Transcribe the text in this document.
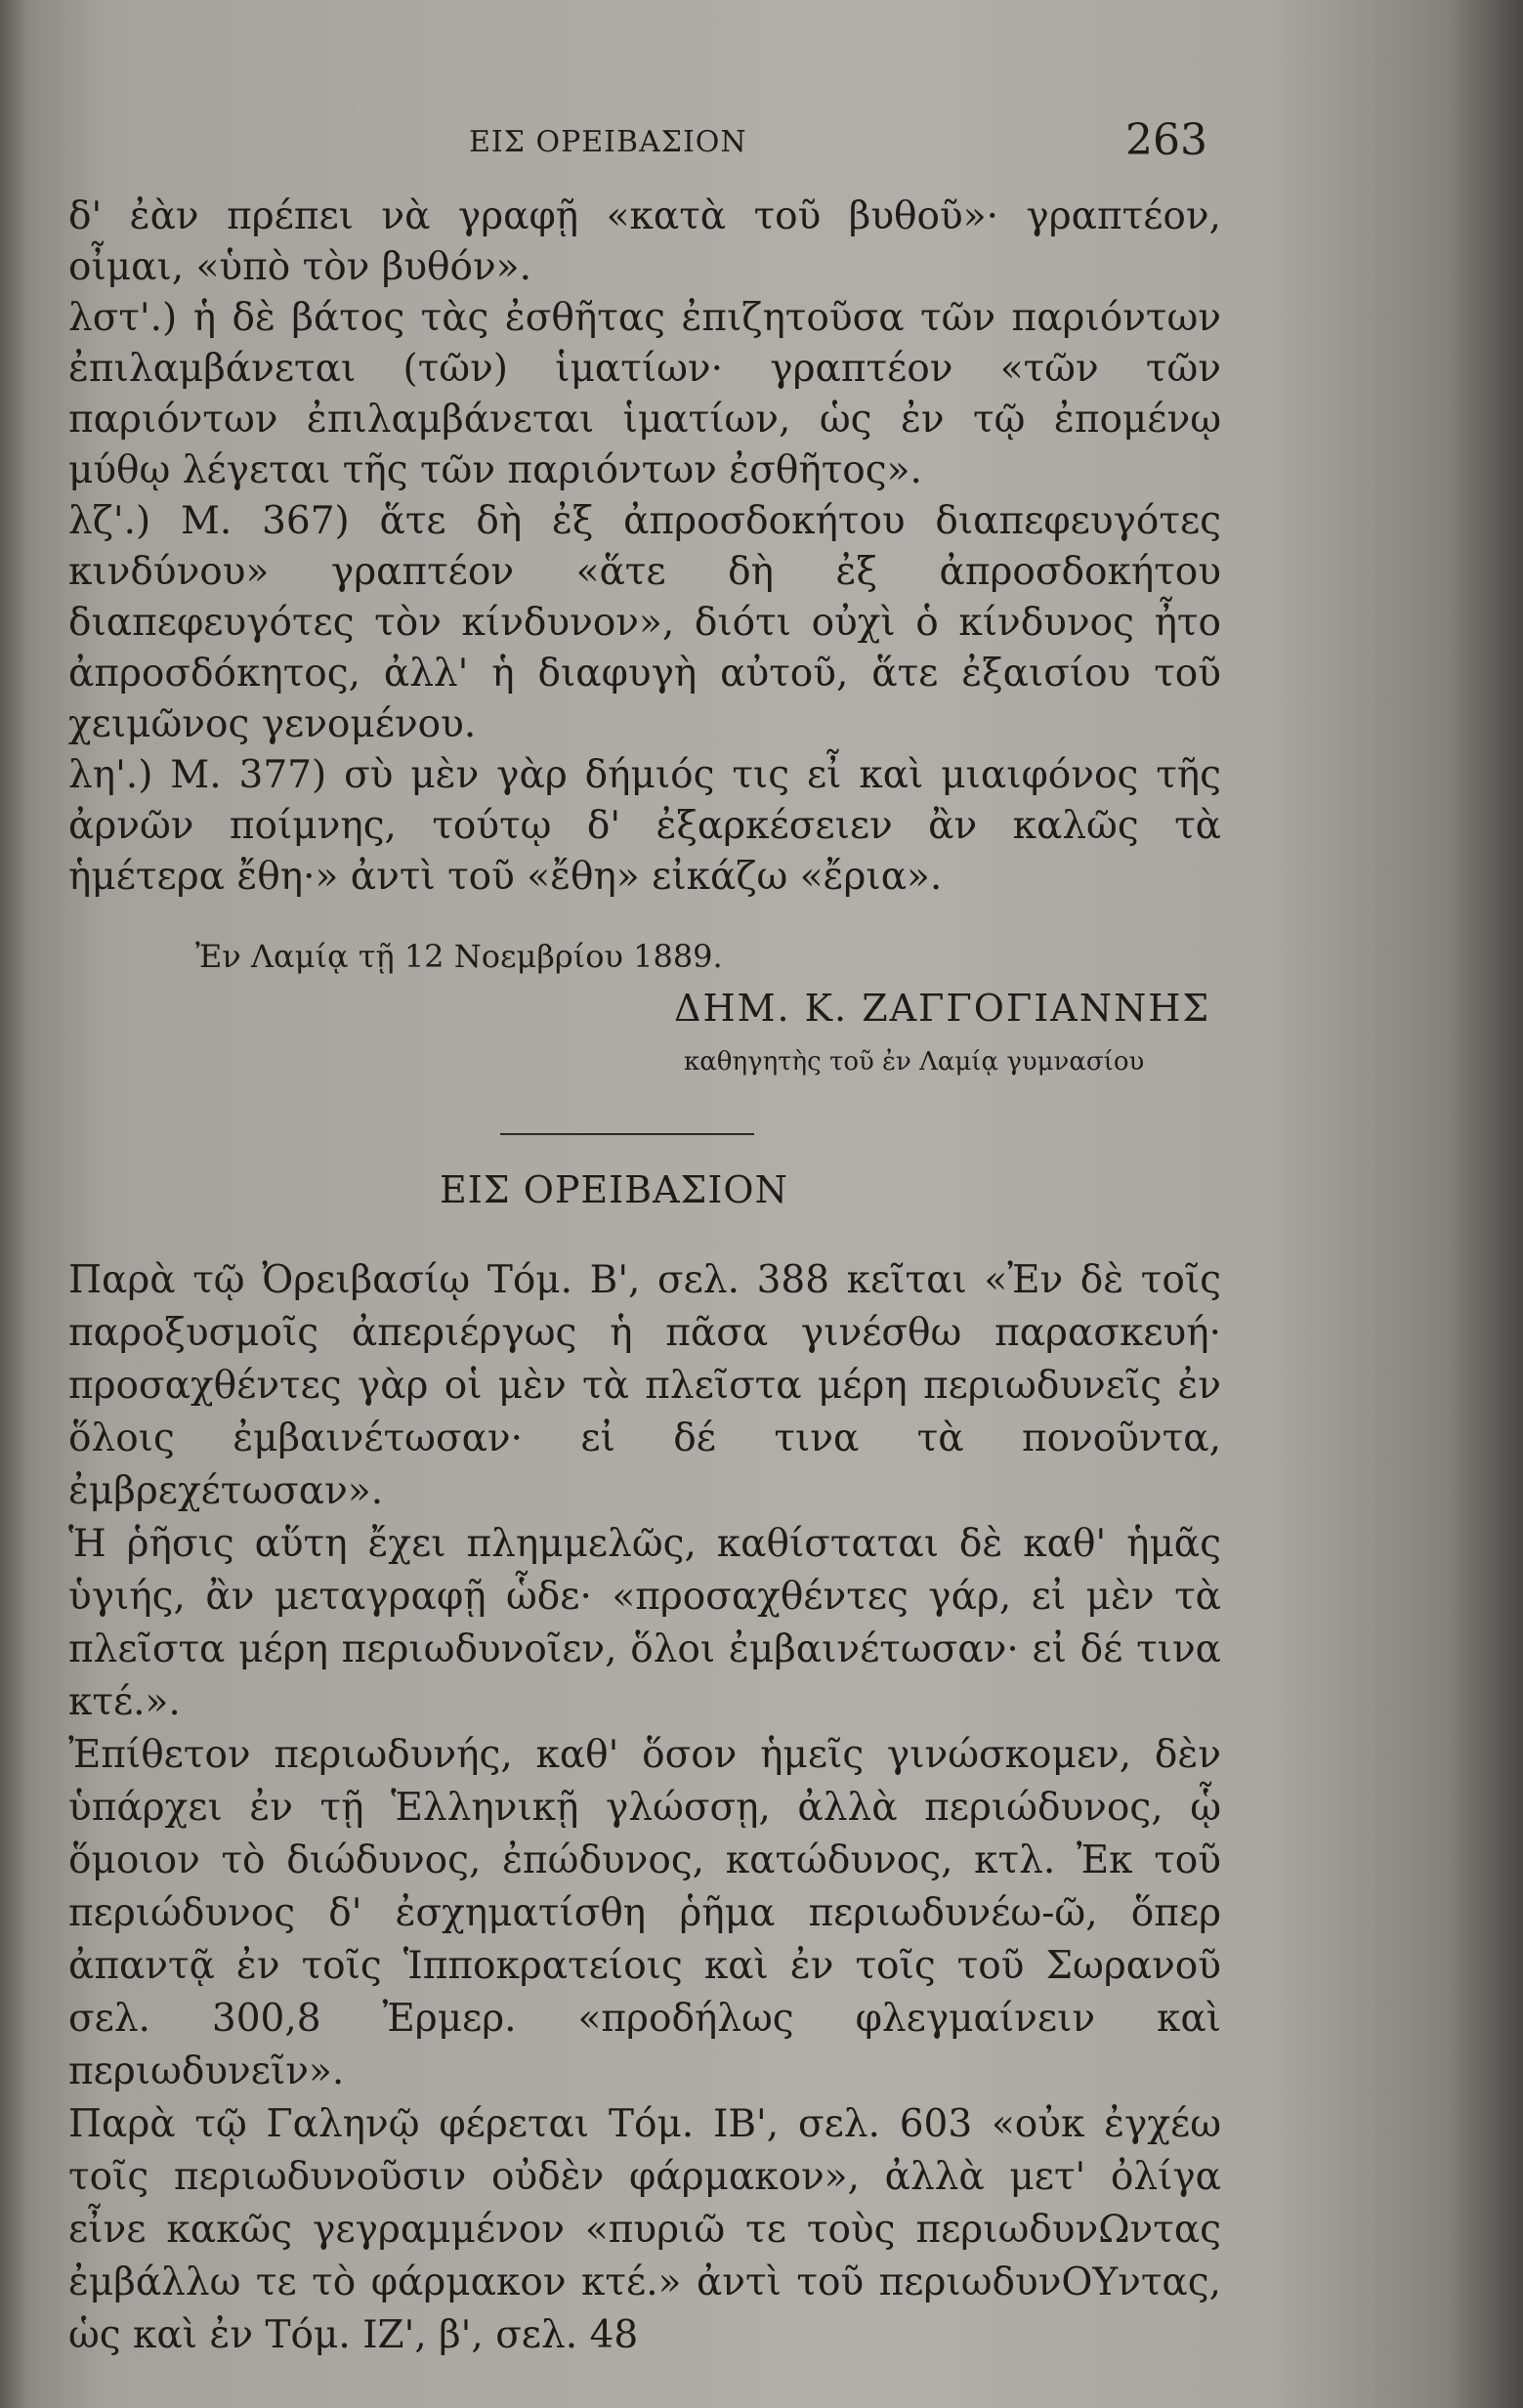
ΕΙΣ ΟΡΕΙΒΑΣΙΟΝ	263

δ' ἐὰν πρέπει νὰ γραφῇ «κατὰ τοῦ βυθοῦ»· γραπτέον, οἶμαι, «ὑπὸ τὸν βυθόν».

λστ'.) ἡ δὲ βάτος τὰς ἐσθῆτας ἐπιζητοῦσα τῶν παριόντων ἐπιλαμβάνεται (τῶν) ἱματίων· γραπτέον «τῶν τῶν παριόντων ἐπιλαμβάνεται ἱματίων, ὡς ἐν τῷ ἐπομένῳ μύθῳ λέγεται τῆς τῶν παριόντων ἐσθῆτος».

λζ'.) Μ. 367) ἅτε δὴ ἐξ ἀπροσδοκήτου διαπεφευγότες κινδύνου» γραπτέον «ἅτε δὴ ἐξ ἀπροσδοκήτου διαπεφευγότες τὸν κίνδυνον», διότι οὐχὶ ὁ κίνδυνος ἦτο ἀπροσδόκητος, ἀλλ' ἡ διαφυγὴ αὐτοῦ, ἅτε ἐξαισίου τοῦ χειμῶνος γενομένου.

λη'.) Μ. 377) σὺ μὲν γὰρ δήμιός τις εἶ καὶ μιαιφόνος τῆς ἀρνῶν ποίμνης, τούτῳ δ' ἐξαρκέσειεν ἂν καλῶς τὰ ἡμέτερα ἔθη·» ἀντὶ τοῦ «ἔθη» εἰκάζω «ἔρια».

Ἐν Λαμίᾳ τῇ 12 Νοεμβρίου 1889.
ΔΗΜ. Κ. ΖΑΓΓΟΓΙΑΝΝΗΣ
καθηγητὴς τοῦ ἐν Λαμίᾳ γυμνασίου
ΕΙΣ ΟΡΕΙΒΑΣΙΟΝ

Παρὰ τῷ Ὀρειβασίῳ Τόμ. Β', σελ. 388 κεῖται «Ἐν δὲ τοῖς παροξυσμοῖς ἀπεριέργως ἡ πᾶσα γινέσθω παρασκευή· προσαχθέντες γὰρ οἱ μὲν τὰ πλεῖστα μέρη περιωδυνεῖς ἐν ὅλοις ἐμβαινέτωσαν· εἰ δέ τινα τὰ πονοῦντα, ἐμβρεχέτωσαν».

Ἡ ῥῆσις αὕτη ἔχει πλημμελῶς, καθίσταται δὲ καθ' ἡμᾶς ὑγιής, ἂν μεταγραφῇ ὧδε· «προσαχθέντες γάρ, εἰ μὲν τὰ πλεῖστα μέρη περιωδυνοῖεν, ὅλοι ἐμβαινέτωσαν· εἰ δέ τινα κτέ.».

Ἐπίθετον περιωδυνής, καθ' ὅσον ἡμεῖς γινώσκομεν, δὲν ὑπάρχει ἐν τῇ Ἑλληνικῇ γλώσσῃ, ἀλλὰ περιώδυνος, ᾧ ὅμοιον τὸ διώδυνος, ἐπώδυνος, κατώδυνος, κτλ. Ἐκ τοῦ περιώδυνος δ' ἐσχηματίσθη ῥῆμα περιωδυνέω-ῶ, ὅπερ ἀπαντᾷ ἐν τοῖς Ἱπποκρατείοις καὶ ἐν τοῖς τοῦ Σωρανοῦ σελ. 300,8 Ἐρμερ. «προδήλως φλεγμαίνειν καὶ περιωδυνεῖν».

Παρὰ τῷ Γαληνῷ φέρεται Τόμ. ΙΒ', σελ. 603 «οὐκ ἐγχέω τοῖς περιωδυνοῦσιν οὐδὲν φάρμακον», ἀλλὰ μετ' ὀλίγα εἶνε κακῶς γεγραμμένον «πυριῶ τε τοὺς περιωδυνΩντας ἐμβάλλω τε τὸ φάρμακον κτέ.» ἀντὶ τοῦ περιωδυνΟΥντας, ὡς καὶ ἐν Τόμ. ΙΖ', β', σελ. 48
